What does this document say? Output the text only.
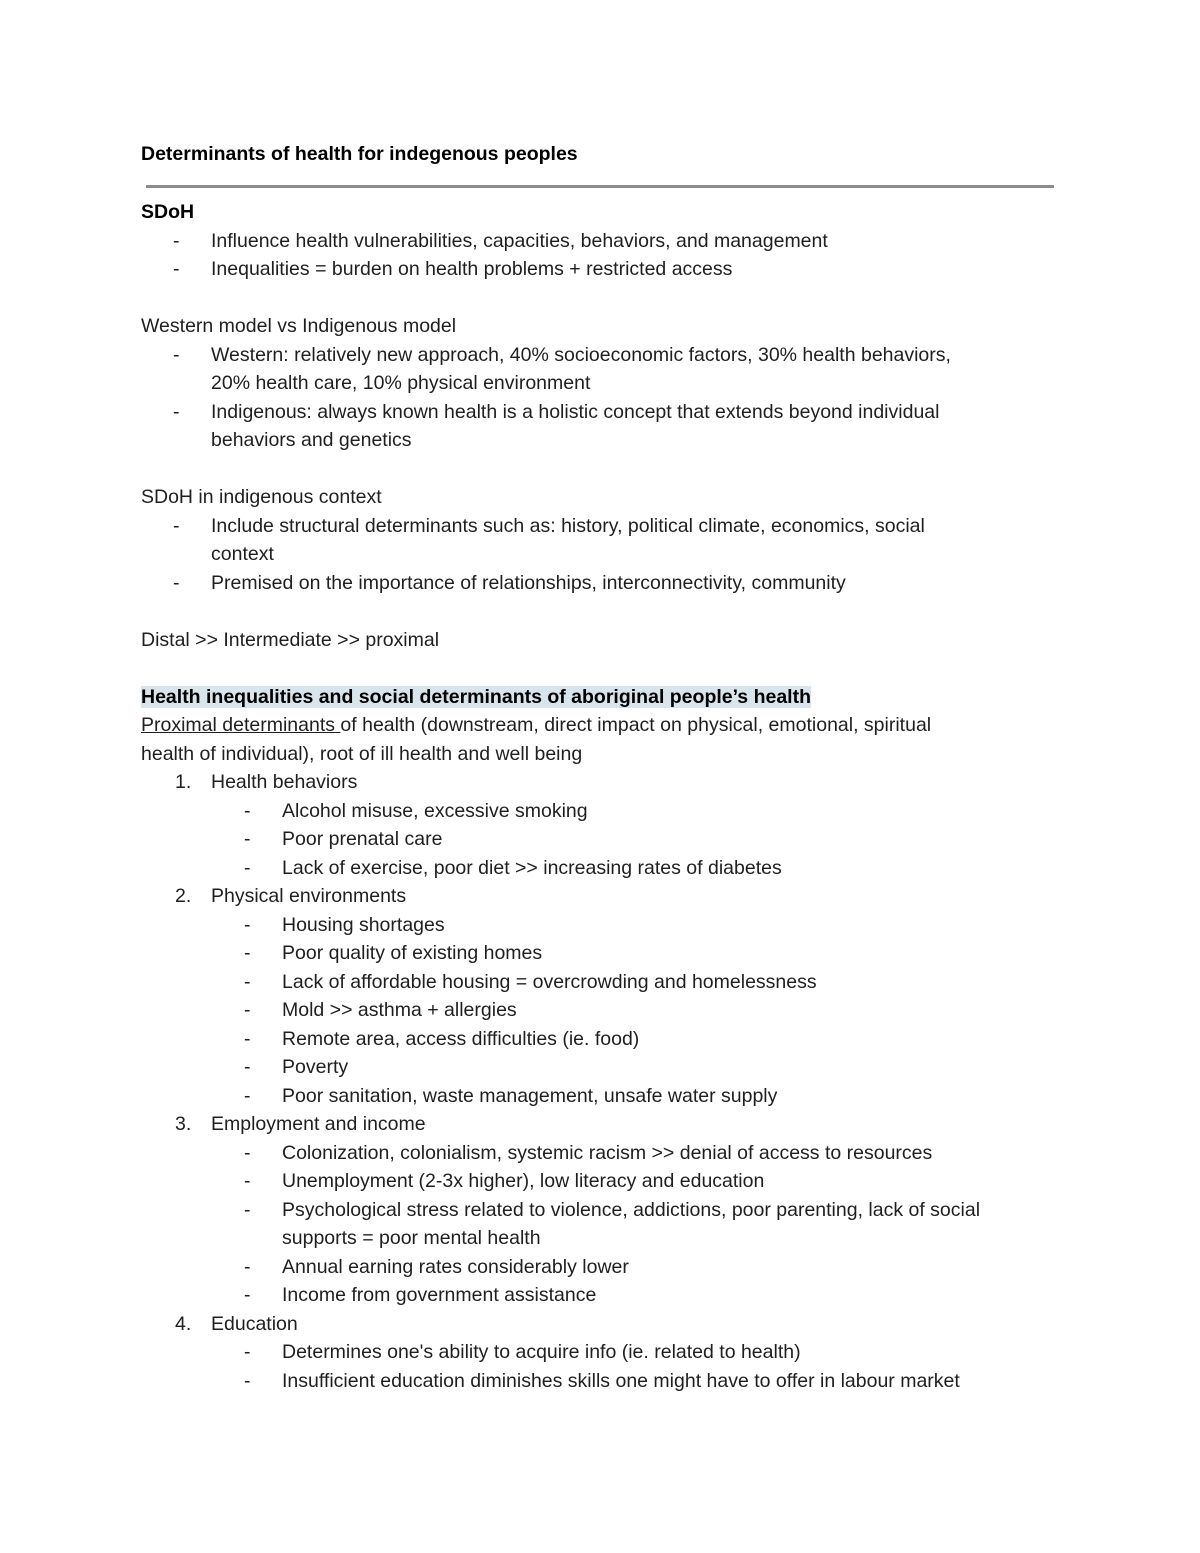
Determinants of health for indegenous peoples
SDoH
- Influence health vulnerabilities, capacities, behaviors, and management
- Inequalities = burden on health problems + restricted access
Western model vs Indigenous model
- Western: relatively new approach, 40% socioeconomic factors, 30% health behaviors,
20% health care, 10% physical environment
- Indigenous: always known health is a holistic concept that extends beyond individual
behaviors and genetics
SDoH in indigenous context
- Include structural determinants such as: history, political climate, economics, social
context
- Premised on the importance of relationships, interconnectivity, community
Distal >> Intermediate >> proximal
Health inequalities and social determinants of aboriginal people’s health
Proximal determinants of health (downstream, direct impact on physical, emotional, spiritual
health of individual), root of ill health and well being
1. Health behaviors
- Alcohol misuse, excessive smoking
- Poor prenatal care
- Lack of exercise, poor diet >> increasing rates of diabetes
2. Physical environments
- Housing shortages
- Poor quality of existing homes
- Lack of affordable housing = overcrowding and homelessness
- Mold >> asthma + allergies
- Remote area, access difficulties (ie. food)
- Poverty
- Poor sanitation, waste management, unsafe water supply
3. Employment and income
- Colonization, colonialism, systemic racism >> denial of access to resources
- Unemployment (2-3x higher), low literacy and education
- Psychological stress related to violence, addictions, poor parenting, lack of social
supports = poor mental health
- Annual earning rates considerably lower
- Income from government assistance
4. Education
- Determines one's ability to acquire info (ie. related to health)
- Insufficient education diminishes skills one might have to offer in labour market
